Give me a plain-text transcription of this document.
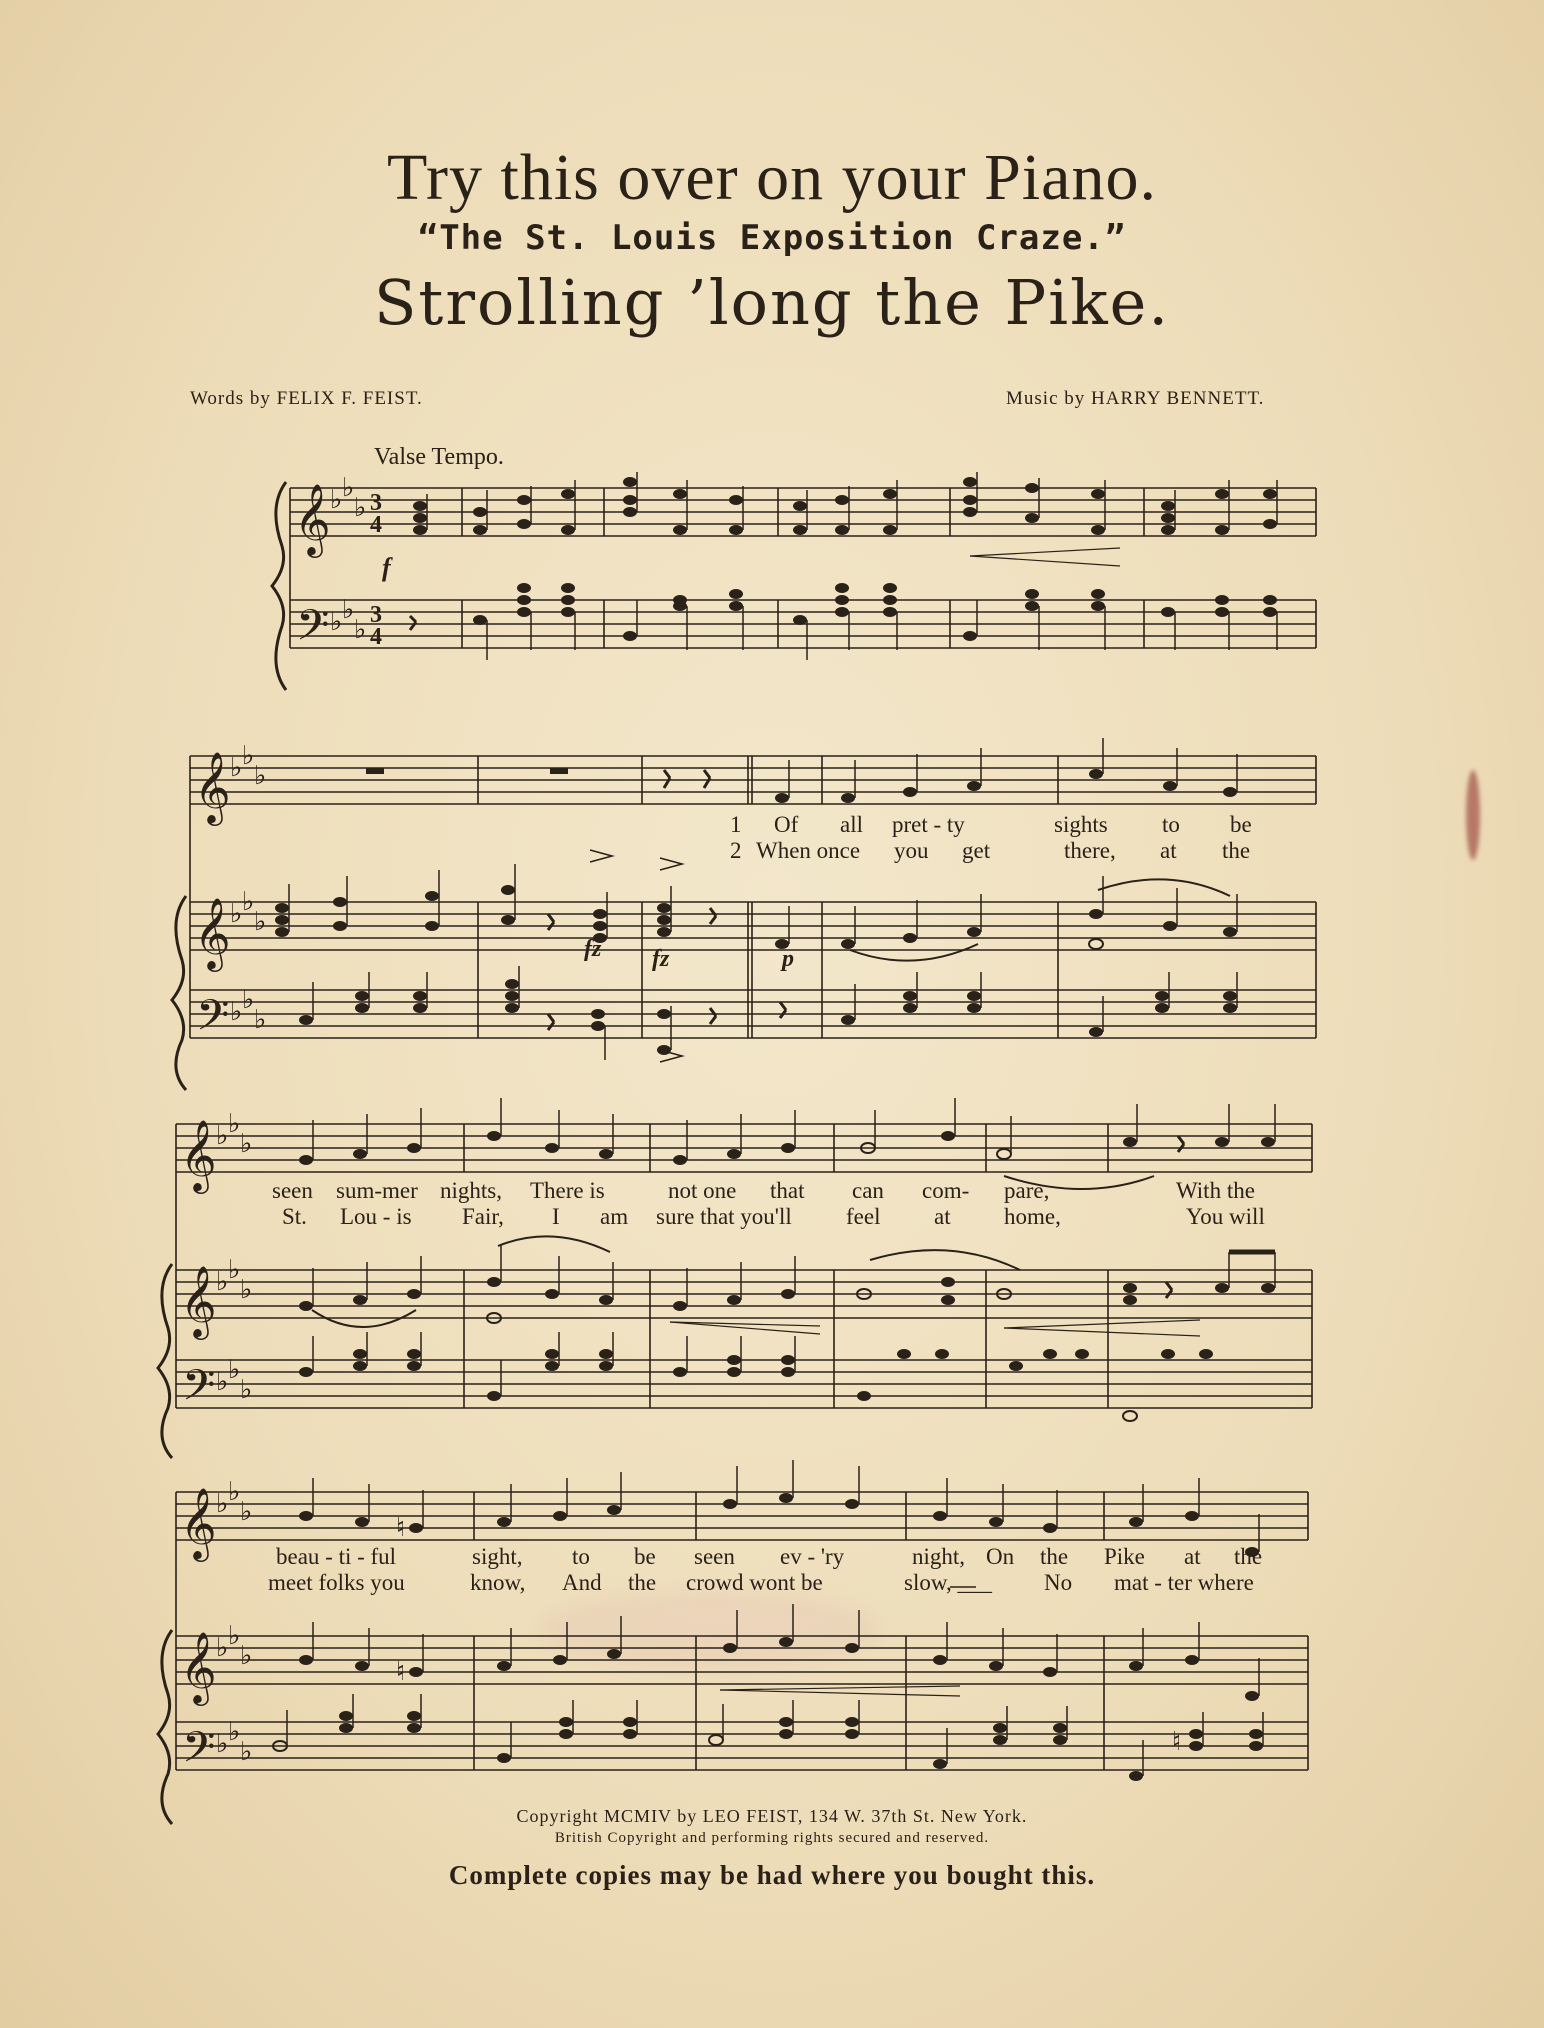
Try this over on your Piano.
“The St. Louis Exposition Craze.”
Strolling ’long the Pike.
Words by FELIX F. FEIST.	Music by HARRY BENNETT.
Valse Tempo.
𝄞
𝄢
♭ ♭
♭
♭ ♭
♭
3
4
3
4
𝄞
𝄞
𝄢
♭ ♭
♭
♭ ♭
♭
♭ ♭
♭
𝄞
𝄞
𝄢
♭ ♭
♭
♭ ♭
♭
♭ ♭
♭
𝄞
𝄞
𝄢
♭ ♭
♭
♭ ♭
♭
♭ ♭
♭
♮
♮
♮
f
fz fz	p
1 Of all pret - ty	sights to be
2 When once you get	there, at the
seen sum-mer nights, There is	not one that can com- pare,	With the
St. Lou - is Fair, I am sure that you'll feel at home,	You will
beau - ti - ful	sight, to be seen ev - 'ry	night, On the Pike at the
meet folks you	know, And the crowd wont be	slow, ___ No mat - ter where
Copyright MCMIV by LEO FEIST, 134 W. 37th St. New York.
British Copyright and performing rights secured and reserved.
Complete copies may be had where you bought this.
